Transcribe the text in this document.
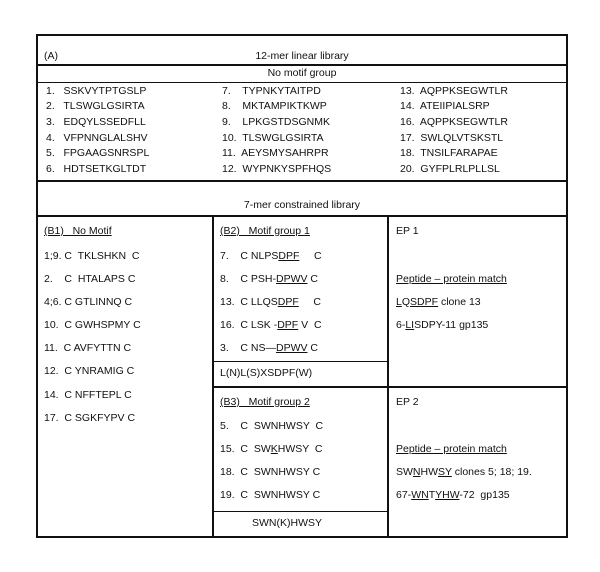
(A)	12-mer linear library
No motif group
1.   SSKVYTPTGSLP
2.   TLSWGLGSIRTA
3.   EDQYLSSEDFLL
4.   VFPNNGLALSHV
5.   FPGAAGSNRSPL
6.   HDTSETKGLTDT
7.    TYPNKYTAITPD
8.    MKTAMPIKTKWP
9.    LPKGSTDSGNMK
10.  TLSWGLGSIRTA
11.  AEYSMYSAHRPR
12.  WYPNKYSPFHQS
13.  AQPPKSEGWTLR
14.  ATEIIPIALSRP
16.  AQPPKSEGWTLR
17.  SWLQLVTSKSTL
18.  TNSILFARAPAE
20.  GYFPLRLPLLSL
7-mer constrained library
(B1)   No Motif
1;9. C  TKLSHKN  C
2.    C  HTALAPS C
4;6. C GTLINNQ C
10.  C GWHSPMY C
11.  C AVFYTTN C
12.  C YNRAMIG C
14.  C NFFTEPL C
17.  C SGKFYPV C
(B2)   Motif group 1
7.    C NLPSDPF     C
8.    C PSH-DPWV C
13.  C LLQSDPF     C
16.  C LSK -DPF V  C
3.    C NS—DPWV C
L(N)L(S)XSDPF(W)
(B3)   Motif group 2
5.    C  SWNHWSY  C
15.  C  SWKHWSY  C
18.  C  SWNHWSY C
19.  C  SWNHWSY C
SWN(K)HWSY
EP 1
Peptide – protein match
LQSDPF clone 13
6-LISDPY-11 gp135
EP 2
Peptide – protein match
SWNHWSY clones 5; 18; 19.
67-WNTYHW-72  gp135
